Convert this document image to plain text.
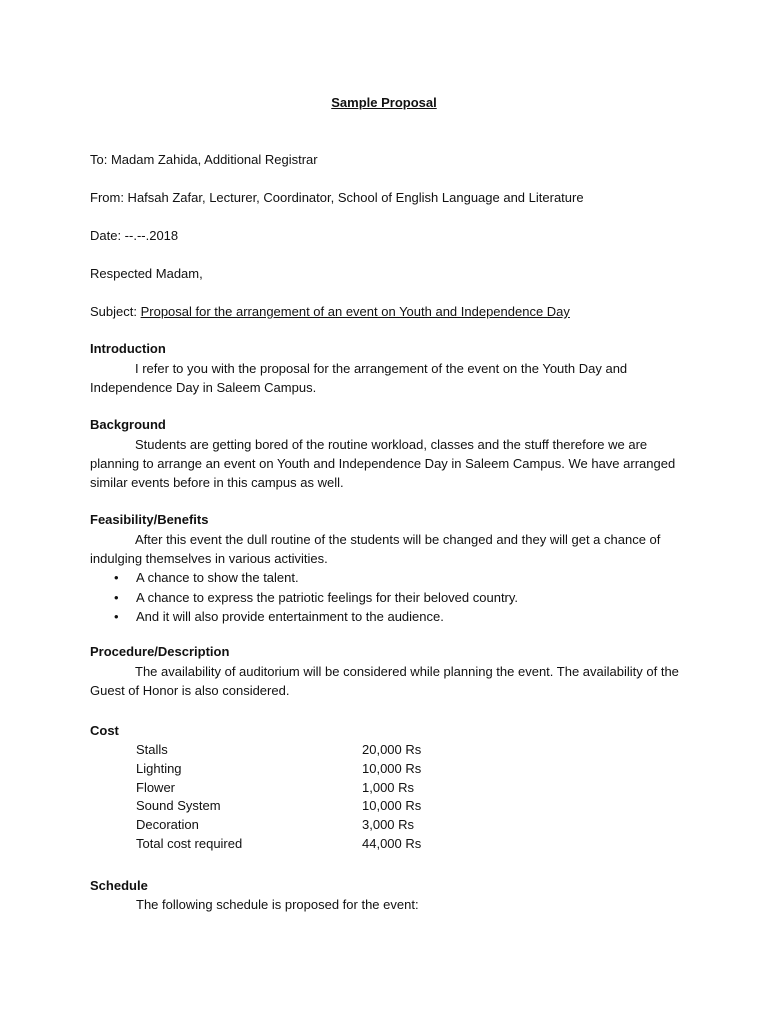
Sample Proposal
To: Madam Zahida, Additional Registrar
From: Hafsah Zafar, Lecturer, Coordinator, School of English Language and Literature
Date: --.--.2018
Respected Madam,
Subject: Proposal for the arrangement of an event on Youth and Independence Day
Introduction
I refer to you with the proposal for the arrangement of the event on the Youth Day and Independence Day in Saleem Campus.
Background
Students are getting bored of the routine workload, classes and the stuff therefore we are planning to arrange an event on Youth and Independence Day in Saleem Campus. We have arranged similar events before in this campus as well.
Feasibility/Benefits
After this event the dull routine of the students will be changed and they will get a chance of indulging themselves in various activities.
• A chance to show the talent.
• A chance to express the patriotic feelings for their beloved country.
• And it will also provide entertainment to the audience.
Procedure/Description
The availability of auditorium will be considered while planning the event. The availability of the Guest of Honor is also considered.
Cost
Stalls	20,000 Rs
Lighting	10,000 Rs
Flower	1,000 Rs
Sound System	10,000 Rs
Decoration	3,000 Rs
Total cost required	44,000 Rs
Schedule
The following schedule is proposed for the event:
